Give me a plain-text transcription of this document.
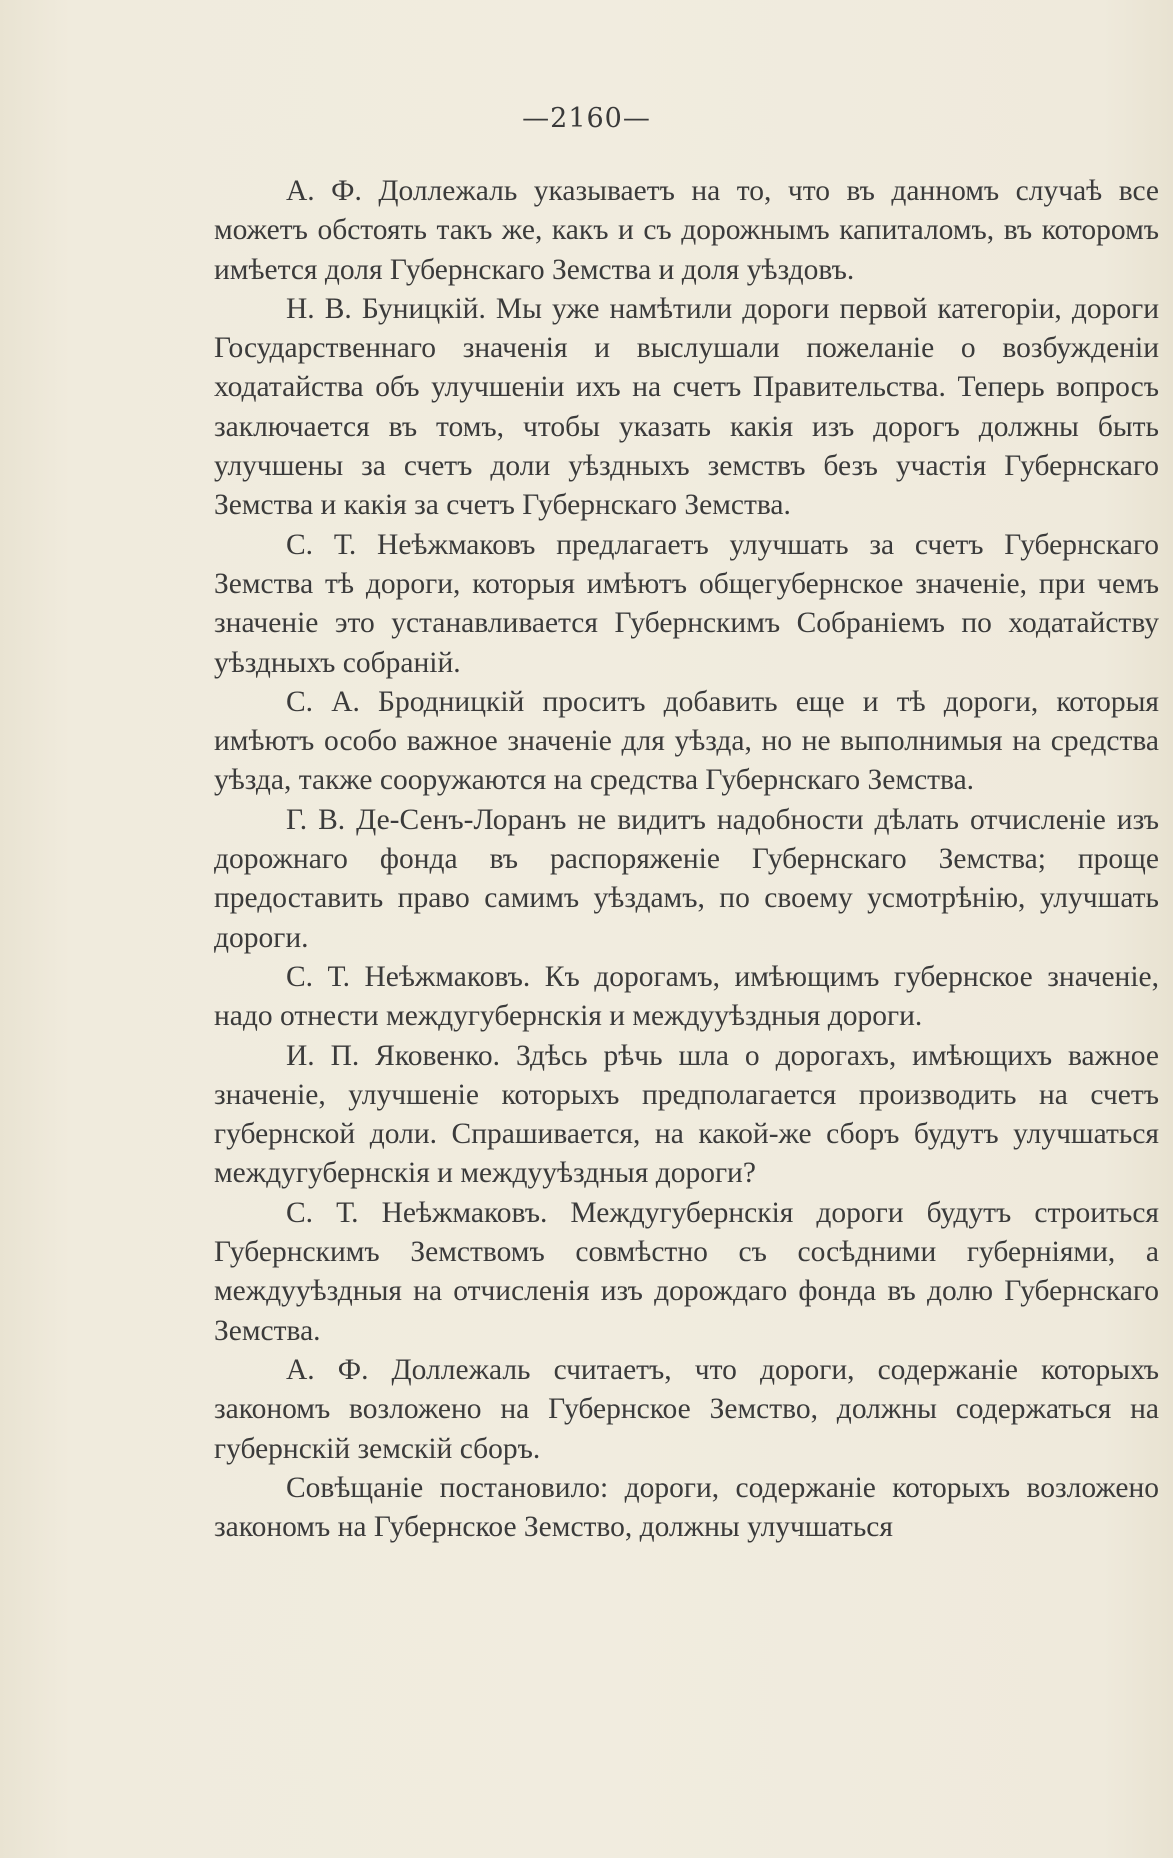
—2160—

А. Ф. Доллежаль указываетъ на то, что въ данномъ случаѣ все можетъ обстоять такъ же, какъ и съ дорожнымъ капиталомъ, въ которомъ имѣется доля Губернскаго Земства и доля уѣздовъ.

Н. В. Буницкій. Мы уже намѣтили дороги первой категоріи, дороги Государственнаго значенія и выслушали пожеланіе о возбужденіи ходатайства объ улучшеніи ихъ на счетъ Правительства. Теперь вопросъ заключается въ томъ, чтобы указать какія изъ дорогъ должны быть улучшены за счетъ доли уѣздныхъ земствъ безъ участія Губернскаго Земства и какія за счетъ Губернскаго Земства.

С. Т. Неѣжмаковъ предлагаетъ улучшать за счетъ Губернскаго Земства тѣ дороги, которыя имѣютъ общегубернское значеніе, при чемъ значеніе это устанавливается Губернскимъ Собраніемъ по ходатайству уѣздныхъ собраній.

С. А. Бродницкій проситъ добавить еще и тѣ дороги, которыя имѣютъ особо важное значеніе для уѣзда, но не выполнимыя на средства уѣзда, также сооружаются на средства Губернскаго Земства.

Г. В. Де-Сенъ-Лоранъ не видитъ надобности дѣлать отчисленіе изъ дорожнаго фонда въ распоряженіе Губернскаго Земства; проще предоставить право самимъ уѣздамъ, по своему усмотрѣнію, улучшать дороги.

С. Т. Неѣжмаковъ. Къ дорогамъ, имѣющимъ губернское значеніе, надо отнести междугубернскія и междууѣздныя дороги.

И. П. Яковенко. Здѣсь рѣчь шла о дорогахъ, имѣющихъ важное значеніе, улучшеніе которыхъ предполагается производить на счетъ губернской доли. Спрашивается, на какой-же сборъ будутъ улучшаться междугубернскія и междууѣздныя дороги?

С. Т. Неѣжмаковъ. Междугубернскія дороги будутъ строиться Губернскимъ Земствомъ совмѣстно съ сосѣдними губерніями, а междууѣздныя на отчисленія изъ дорождаго фонда въ долю Губернскаго Земства.

А. Ф. Доллежаль считаетъ, что дороги, содержаніе которыхъ закономъ возложено на Губернское Земство, должны содержаться на губернскій земскій сборъ.

Совѣщаніе постановило: дороги, содержаніе которыхъ возложено закономъ на Губернское Земство, должны улучшаться
